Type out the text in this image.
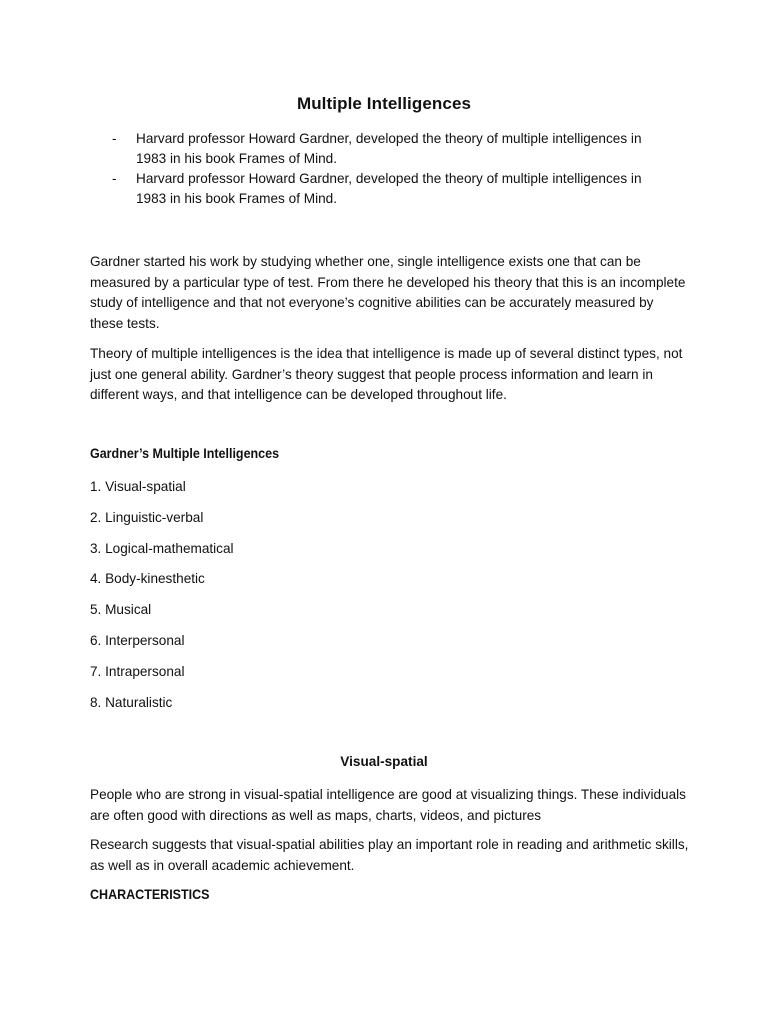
Multiple Intelligences
- Harvard professor Howard Gardner, developed the theory of multiple intelligences in 1983 in his book Frames of Mind.
- Harvard professor Howard Gardner, developed the theory of multiple intelligences in 1983 in his book Frames of Mind.

Gardner started his work by studying whether one, single intelligence exists one that can be measured by a particular type of test. From there he developed his theory that this is an incomplete study of intelligence and that not everyone’s cognitive abilities can be accurately measured by these tests.

Theory of multiple intelligences is the idea that intelligence is made up of several distinct types, not just one general ability. Gardner’s theory suggest that people process information and learn in different ways, and that intelligence can be developed throughout life.

Gardner’s Multiple Intelligences

1. Visual-spatial
2. Linguistic-verbal
3. Logical-mathematical
4. Body-kinesthetic
5. Musical
6. Interpersonal
7. Intrapersonal
8. Naturalistic

Visual-spatial

People who are strong in visual-spatial intelligence are good at visualizing things. These individuals are often good with directions as well as maps, charts, videos, and pictures

Research suggests that visual-spatial abilities play an important role in reading and arithmetic skills, as well as in overall academic achievement.

CHARACTERISTICS
